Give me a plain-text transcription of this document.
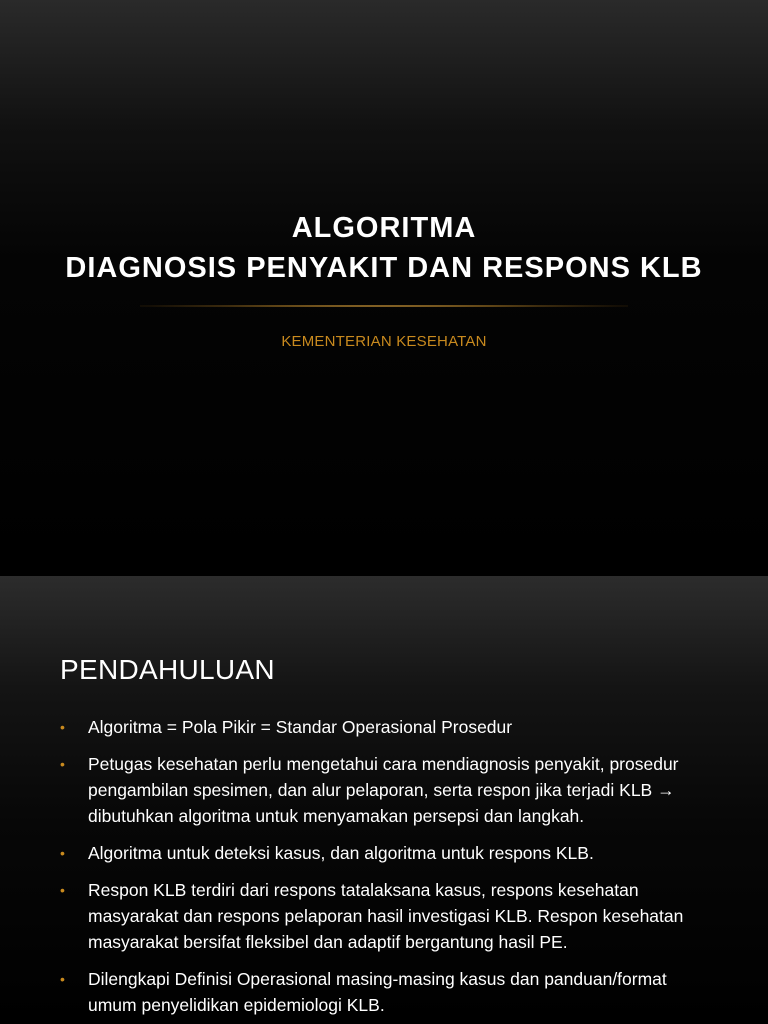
ALGORITMA
DIAGNOSIS PENYAKIT DAN RESPONS KLB

KEMENTERIAN KESEHATAN

PENDAHULUAN
• Algoritma = Pola Pikir = Standar Operasional Prosedur
• Petugas kesehatan perlu mengetahui cara mendiagnosis penyakit, prosedur pengambilan spesimen, dan alur pelaporan, serta respon jika terjadi KLB → dibutuhkan algoritma untuk menyamakan persepsi dan langkah.
• Algoritma untuk deteksi kasus, dan algoritma untuk respons KLB.
• Respon KLB terdiri dari respons tatalaksana kasus, respons kesehatan masyarakat dan respons pelaporan hasil investigasi KLB. Respon kesehatan masyarakat bersifat fleksibel dan adaptif bergantung hasil PE.
• Dilengkapi Definisi Operasional masing-masing kasus dan panduan/format umum penyelidikan epidemiologi KLB.
